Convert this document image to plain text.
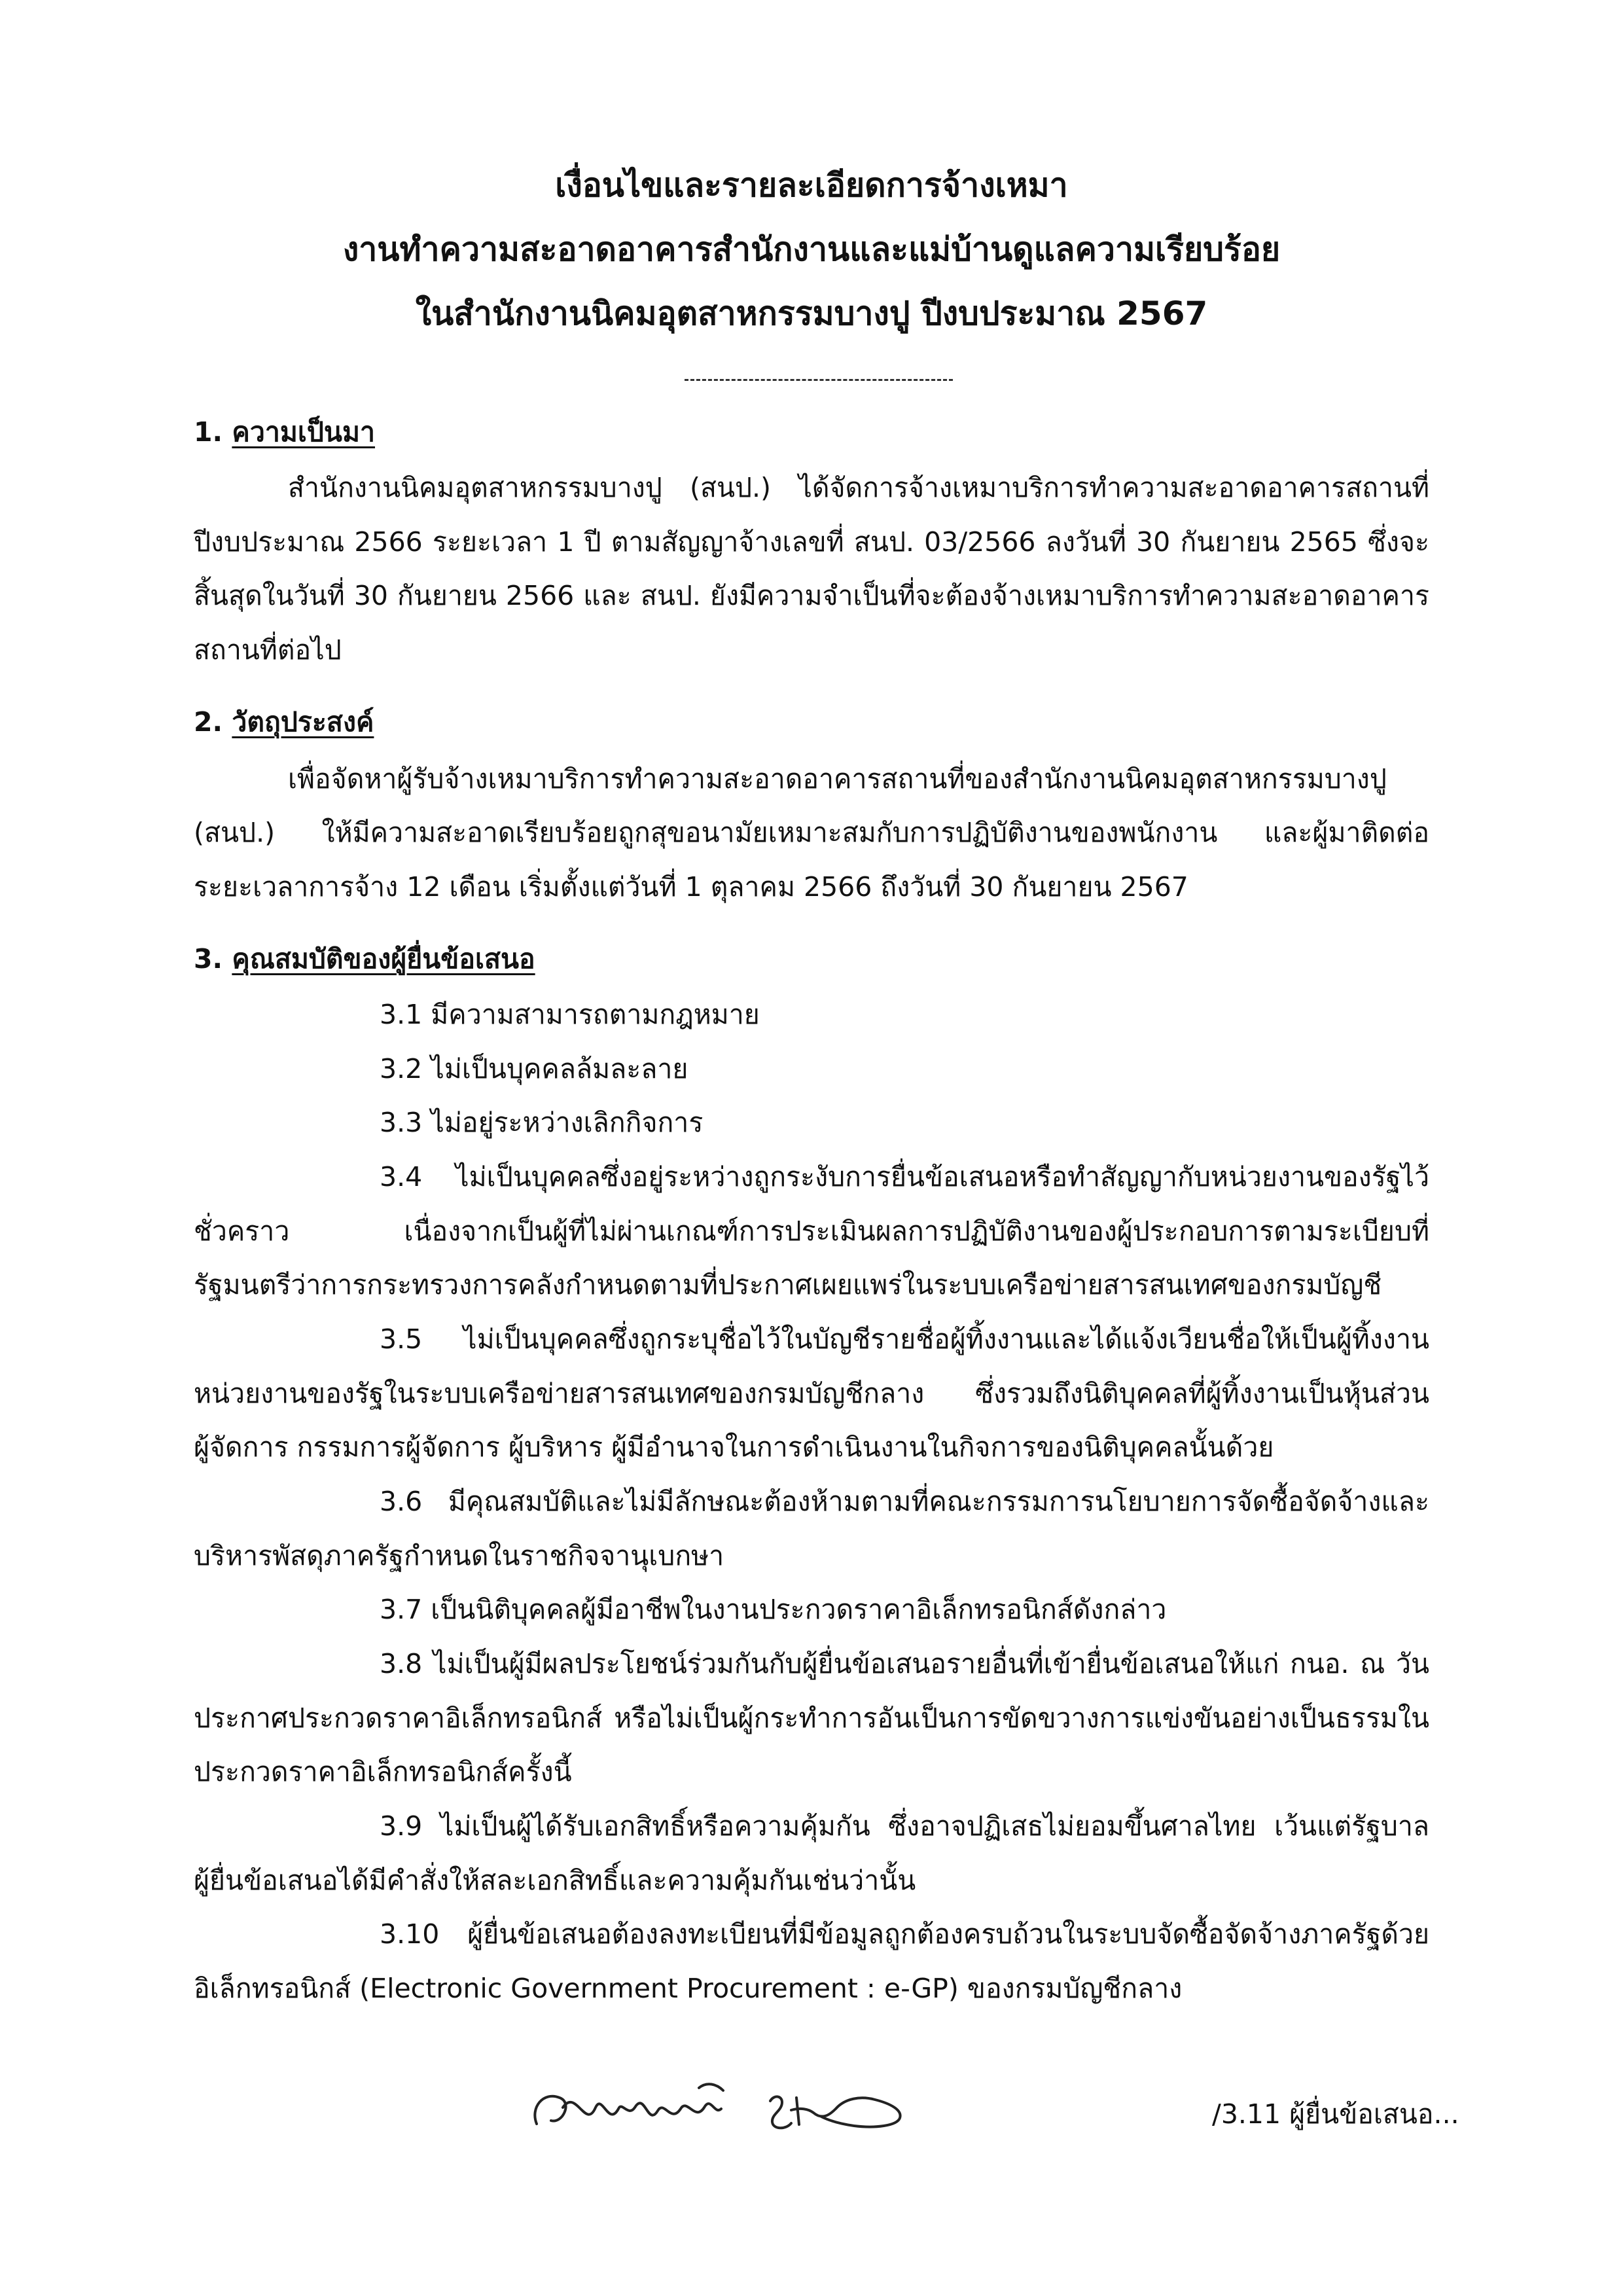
เงื่อนไขและรายละเอียดการจ้างเหมา
งานทำความสะอาดอาคารสำนักงานและแม่บ้านดูแลความเรียบร้อย
ในสำนักงานนิคมอุตสาหกรรมบางปู ปีงบประมาณ 2567
1. ความเป็นมา
สำนักงานนิคมอุตสาหกรรมบางปู (สนป.) ได้จัดการจ้างเหมาบริการทำความสะอาดอาคารสถานที่
ปีงบประมาณ 2566 ระยะเวลา 1 ปี ตามสัญญาจ้างเลขที่ สนป. 03/2566 ลงวันที่ 30 กันยายน 2565 ซึ่งจะ
สิ้นสุดในวันที่ 30 กันยายน 2566 และ สนป. ยังมีความจำเป็นที่จะต้องจ้างเหมาบริการทำความสะอาดอาคาร
สถานที่ต่อไป
2. วัตถุประสงค์
เพื่อจัดหาผู้รับจ้างเหมาบริการทำความสะอาดอาคารสถานที่ของสำนักงานนิคมอุตสาหกรรมบางปู
(สนป.) ให้มีความสะอาดเรียบร้อยถูกสุขอนามัยเหมาะสมกับการปฏิบัติงานของพนักงาน และผู้มาติดต่อ
ระยะเวลาการจ้าง 12 เดือน เริ่มตั้งแต่วันที่ 1 ตุลาคม 2566 ถึงวันที่ 30 กันยายน 2567
3. คุณสมบัติของผู้ยื่นข้อเสนอ
3.1 มีความสามารถตามกฎหมาย
3.2 ไม่เป็นบุคคลล้มละลาย
3.3 ไม่อยู่ระหว่างเลิกกิจการ
3.4 ไม่เป็นบุคคลซึ่งอยู่ระหว่างถูกระงับการยื่นข้อเสนอหรือทำสัญญากับหน่วยงานของรัฐไว้
ชั่วคราว เนื่องจากเป็นผู้ที่ไม่ผ่านเกณฑ์การประเมินผลการปฏิบัติงานของผู้ประกอบการตามระเบียบที่
รัฐมนตรีว่าการกระทรวงการคลังกำหนดตามที่ประกาศเผยแพร่ในระบบเครือข่ายสารสนเทศของกรมบัญชี
3.5 ไม่เป็นบุคคลซึ่งถูกระบุชื่อไว้ในบัญชีรายชื่อผู้ทิ้งงานและได้แจ้งเวียนชื่อให้เป็นผู้ทิ้งงาน
หน่วยงานของรัฐในระบบเครือข่ายสารสนเทศของกรมบัญชีกลาง ซึ่งรวมถึงนิติบุคคลที่ผู้ทิ้งงานเป็นหุ้นส่วน
ผู้จัดการ กรรมการผู้จัดการ ผู้บริหาร ผู้มีอำนาจในการดำเนินงานในกิจการของนิติบุคคลนั้นด้วย
3.6 มีคุณสมบัติและไม่มีลักษณะต้องห้ามตามที่คณะกรรมการนโยบายการจัดซื้อจัดจ้างและ
บริหารพัสดุภาครัฐกำหนดในราชกิจจานุเบกษา
3.7 เป็นนิติบุคคลผู้มีอาชีพในงานประกวดราคาอิเล็กทรอนิกส์ดังกล่าว
3.8 ไม่เป็นผู้มีผลประโยชน์ร่วมกันกับผู้ยื่นข้อเสนอรายอื่นที่เข้ายื่นข้อเสนอให้แก่ กนอ. ณ วัน
ประกาศประกวดราคาอิเล็กทรอนิกส์ หรือไม่เป็นผู้กระทำการอันเป็นการขัดขวางการแข่งขันอย่างเป็นธรรมใน
ประกวดราคาอิเล็กทรอนิกส์ครั้งนี้
3.9 ไม่เป็นผู้ได้รับเอกสิทธิ์หรือความคุ้มกัน ซึ่งอาจปฏิเสธไม่ยอมขึ้นศาลไทย เว้นแต่รัฐบาล
ผู้ยื่นข้อเสนอได้มีคำสั่งให้สละเอกสิทธิ์และความคุ้มกันเช่นว่านั้น
3.10 ผู้ยื่นข้อเสนอต้องลงทะเบียนที่มีข้อมูลถูกต้องครบถ้วนในระบบจัดซื้อจัดจ้างภาครัฐด้วย
อิเล็กทรอนิกส์ (Electronic Government Procurement : e-GP) ของกรมบัญชีกลาง
/3.11 ผู้ยื่นข้อเสนอ...
